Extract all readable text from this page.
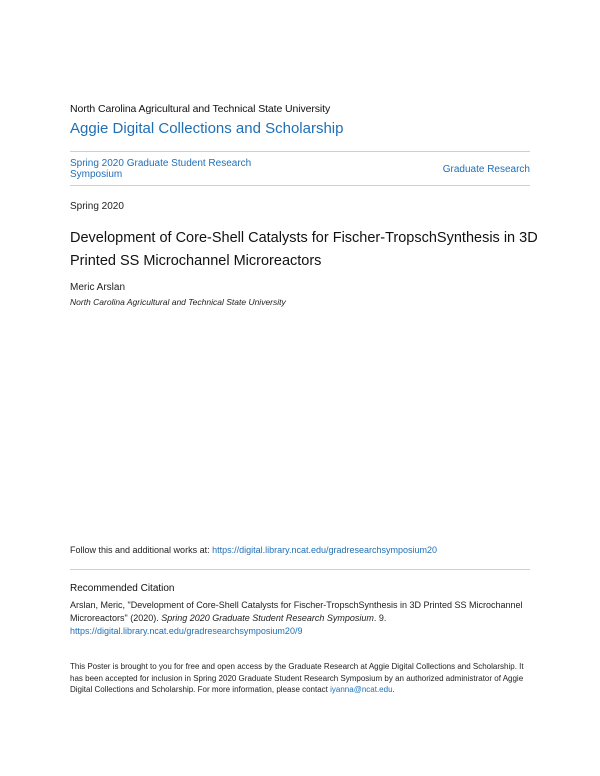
North Carolina Agricultural and Technical State University
Aggie Digital Collections and Scholarship
Spring 2020 Graduate Student Research Symposium	Graduate Research
Spring 2020
Development of Core-Shell Catalysts for Fischer-TropschSynthesis in 3D Printed SS Microchannel Microreactors
Meric Arslan
North Carolina Agricultural and Technical State University
Follow this and additional works at: https://digital.library.ncat.edu/gradresearchsymposium20
Recommended Citation
Arslan, Meric, "Development of Core-Shell Catalysts for Fischer-TropschSynthesis in 3D Printed SS Microchannel Microreactors" (2020). Spring 2020 Graduate Student Research Symposium. 9.
https://digital.library.ncat.edu/gradresearchsymposium20/9
This Poster is brought to you for free and open access by the Graduate Research at Aggie Digital Collections and Scholarship. It has been accepted for inclusion in Spring 2020 Graduate Student Research Symposium by an authorized administrator of Aggie Digital Collections and Scholarship. For more information, please contact iyanna@ncat.edu.
